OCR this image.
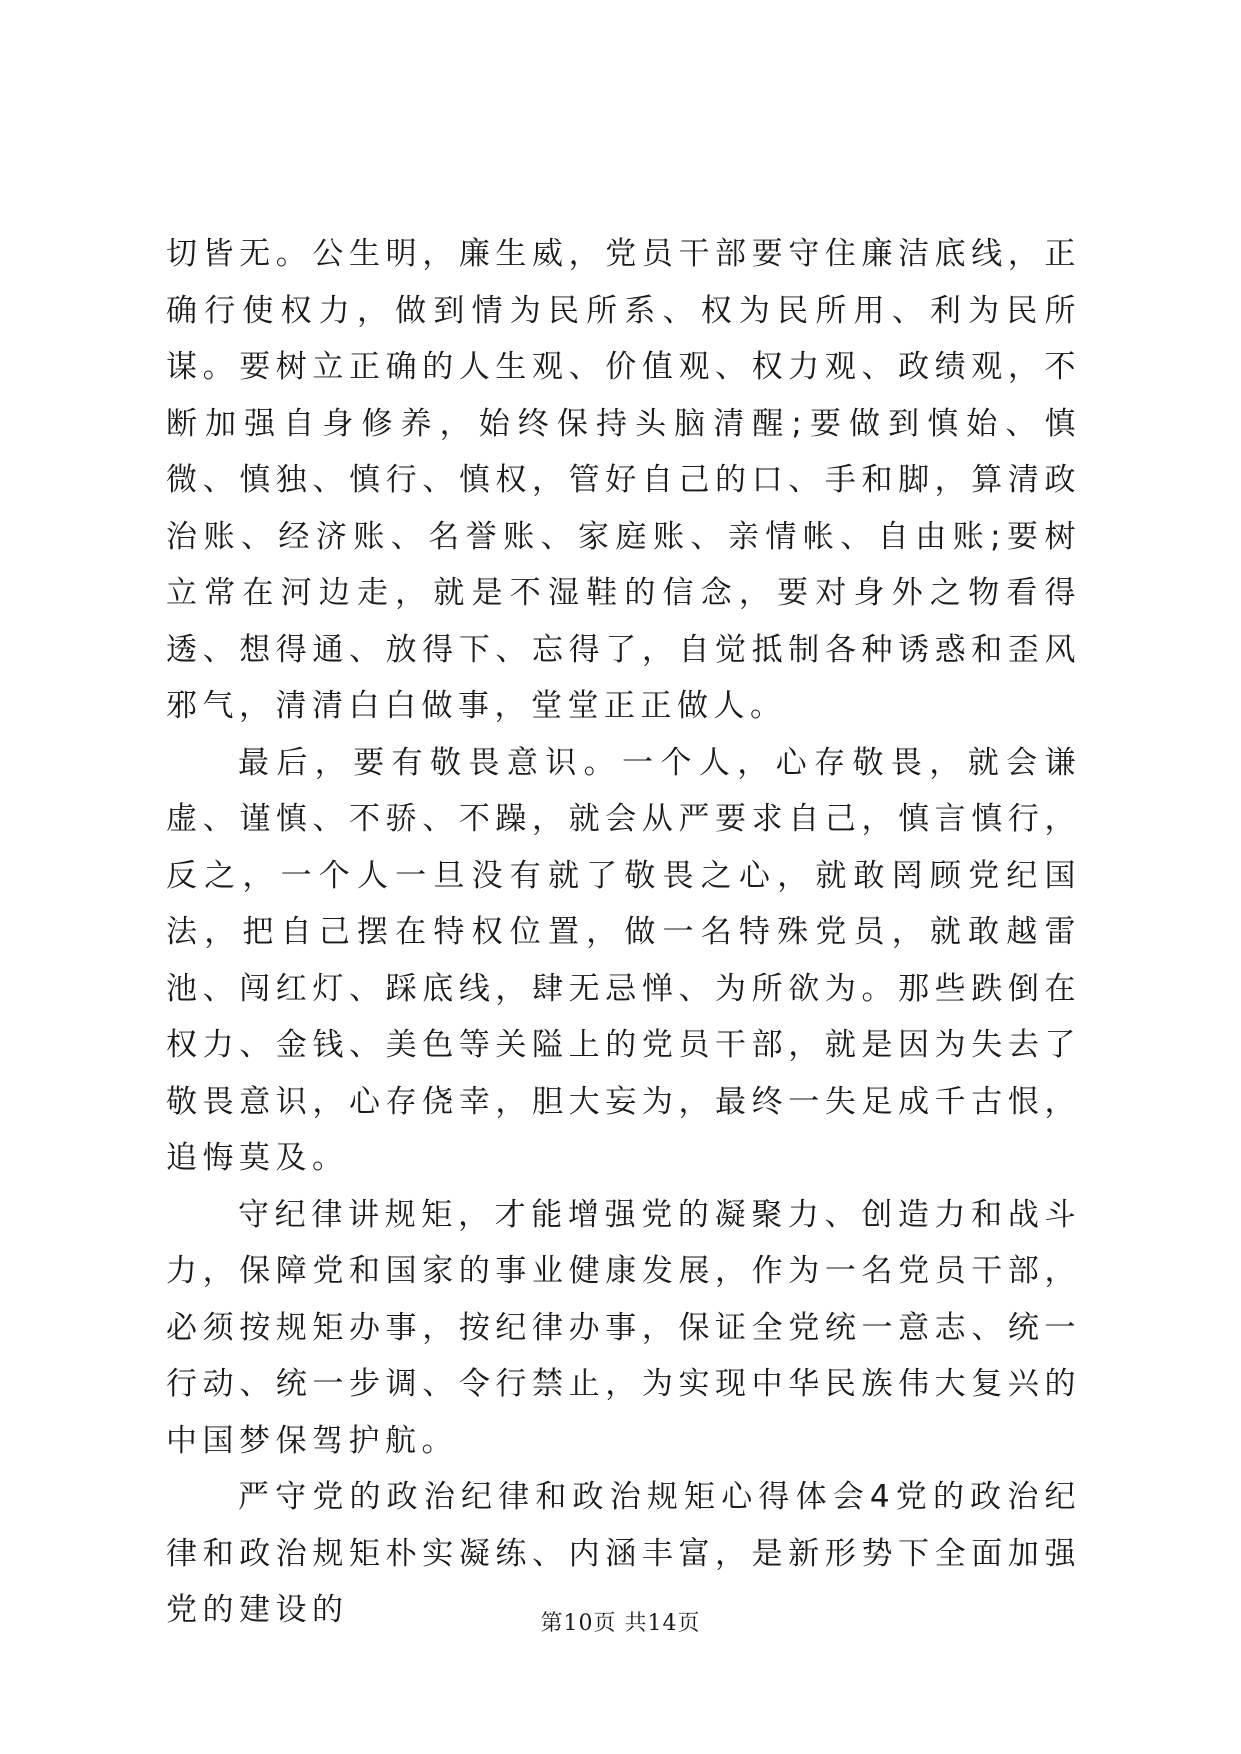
切皆无。公生明，廉生威，党员干部要守住廉洁底线，正确行使权力，做到情为民所系、权为民所用、利为民所谋。要树立正确的人生观、价值观、权力观、政绩观，不断加强自身修养，始终保持头脑清醒;要做到慎始、慎微、慎独、慎行、慎权，管好自己的口、手和脚，算清政治账、经济账、名誉账、家庭账、亲情帐、自由账;要树立常在河边走，就是不湿鞋的信念，要对身外之物看得透、想得通、放得下、忘得了，自觉抵制各种诱惑和歪风邪气，清清白白做事，堂堂正正做人。

最后，要有敬畏意识。一个人，心存敬畏，就会谦虚、谨慎、不骄、不躁，就会从严要求自己，慎言慎行，反之，一个人一旦没有就了敬畏之心，就敢罔顾党纪国法，把自己摆在特权位置，做一名特殊党员，就敢越雷池、闯红灯、踩底线，肆无忌惮、为所欲为。那些跌倒在权力、金钱、美色等关隘上的党员干部，就是因为失去了敬畏意识，心存侥幸，胆大妄为，最终一失足成千古恨，追悔莫及。

守纪律讲规矩，才能增强党的凝聚力、创造力和战斗力，保障党和国家的事业健康发展，作为一名党员干部，必须按规矩办事，按纪律办事，保证全党统一意志、统一行动、统一步调、令行禁止，为实现中华民族伟大复兴的中国梦保驾护航。

严守党的政治纪律和政治规矩心得体会4党的政治纪律和政治规矩朴实凝练、内涵丰富，是新形势下全面加强党的建设的	第10页 共14页
